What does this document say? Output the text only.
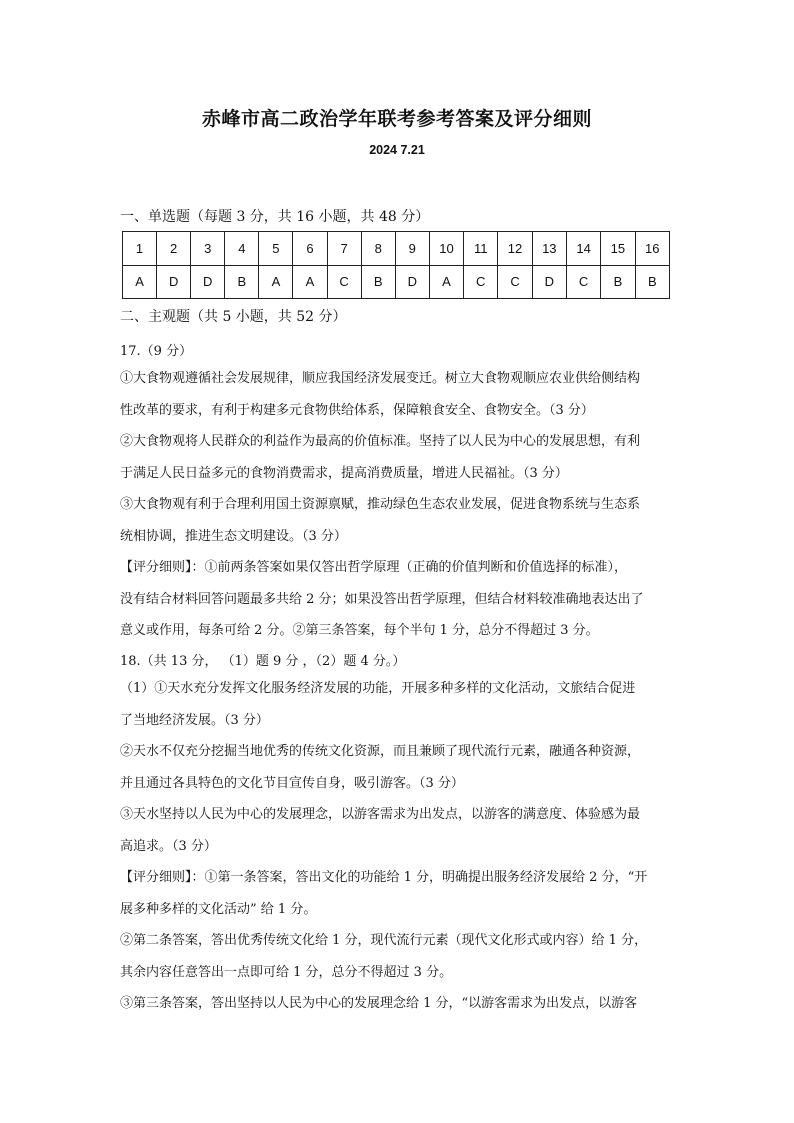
赤峰市高二政治学年联考参考答案及评分细则
2024 7.21
一、单选题（每题 3 分，共 16 小题，共 48 分）
1	2	3	4	5	6	7	8	9	10	11	12	13	14	15	16
A	D	D	B	A	A	C	B	D	A	C	C	D	C	B	B
二、主观题（共 5 小题，共 52 分）
17.（9 分）

①大食物观遵循社会发展规律，顺应我国经济发展变迁。树立大食物观顺应农业供给侧结构

性改革的要求，有利于构建多元食物供给体系，保障粮食安全、食物安全。（3 分）

②大食物观将人民群众的利益作为最高的价值标准。坚持了以人民为中心的发展思想，有利

于满足人民日益多元的食物消费需求，提高消费质量，增进人民福祉。（3 分）

③大食物观有利于合理利用国土资源禀赋，推动绿色生态农业发展，促进食物系统与生态系

统相协调，推进生态文明建设。（3 分）

【评分细则】：①前两条答案如果仅答出哲学原理（正确的价值判断和价值选择的标准），

没有结合材料回答问题最多共给 2 分；如果没答出哲学原理，但结合材料较准确地表达出了

意义或作用，每条可给 2 分。②第三条答案，每个半句 1 分，总分不得超过 3 分。

18.（共 13 分， （1）题 9 分 ，（2）题 4 分。）

（1）①天水充分发挥文化服务经济发展的功能，开展多种多样的文化活动，文旅结合促进

了当地经济发展。（3 分）

②天水不仅充分挖掘当地优秀的传统文化资源，而且兼顾了现代流行元素，融通各种资源，

并且通过各具特色的文化节目宣传自身，吸引游客。（3 分）

③天水坚持以人民为中心的发展理念，以游客需求为出发点，以游客的满意度、体验感为最

高追求。（3 分）

【评分细则】：①第一条答案，答出文化的功能给 1 分，明确提出服务经济发展给 2 分，“开

展多种多样的文化活动” 给 1 分。

②第二条答案，答出优秀传统文化给 1 分，现代流行元素（现代文化形式或内容）给 1 分，

其余内容任意答出一点即可给 1 分，总分不得超过 3 分。

③第三条答案，答出坚持以人民为中心的发展理念给 1 分，“以游客需求为出发点，以游客
